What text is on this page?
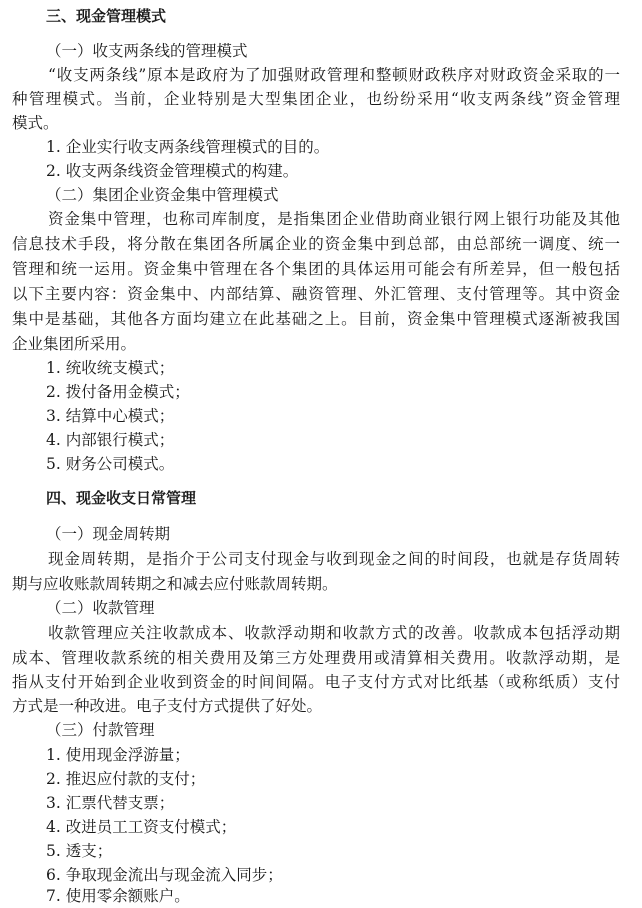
三、现金管理模式
（一）收支两条线的管理模式
“收支两条线”原本是政府为了加强财政管理和整顿财政秩序对财政资金采取的一
种管理模式。当前，企业特别是大型集团企业，也纷纷采用“收支两条线”资金管理
模式。
1. 企业实行收支两条线管理模式的目的。
2. 收支两条线资金管理模式的构建。
（二）集团企业资金集中管理模式
资金集中管理，也称司库制度，是指集团企业借助商业银行网上银行功能及其他
信息技术手段，将分散在集团各所属企业的资金集中到总部，由总部统一调度、统一
管理和统一运用。资金集中管理在各个集团的具体运用可能会有所差异，但一般包括
以下主要内容：资金集中、内部结算、融资管理、外汇管理、支付管理等。其中资金
集中是基础，其他各方面均建立在此基础之上。目前，资金集中管理模式逐渐被我国
企业集团所采用。
1. 统收统支模式；
2. 拨付备用金模式；
3. 结算中心模式；
4. 内部银行模式；
5. 财务公司模式。
四、现金收支日常管理
（一）现金周转期
现金周转期，是指介于公司支付现金与收到现金之间的时间段，也就是存货周转
期与应收账款周转期之和减去应付账款周转期。
（二）收款管理
收款管理应关注收款成本、收款浮动期和收款方式的改善。收款成本包括浮动期
成本、管理收款系统的相关费用及第三方处理费用或清算相关费用。收款浮动期，是
指从支付开始到企业收到资金的时间间隔。电子支付方式对比纸基（或称纸质）支付
方式是一种改进。电子支付方式提供了好处。
（三）付款管理
1. 使用现金浮游量；
2. 推迟应付款的支付；
3. 汇票代替支票；
4. 改进员工工资支付模式；
5. 透支；
6. 争取现金流出与现金流入同步；
7. 使用零余额账户。
